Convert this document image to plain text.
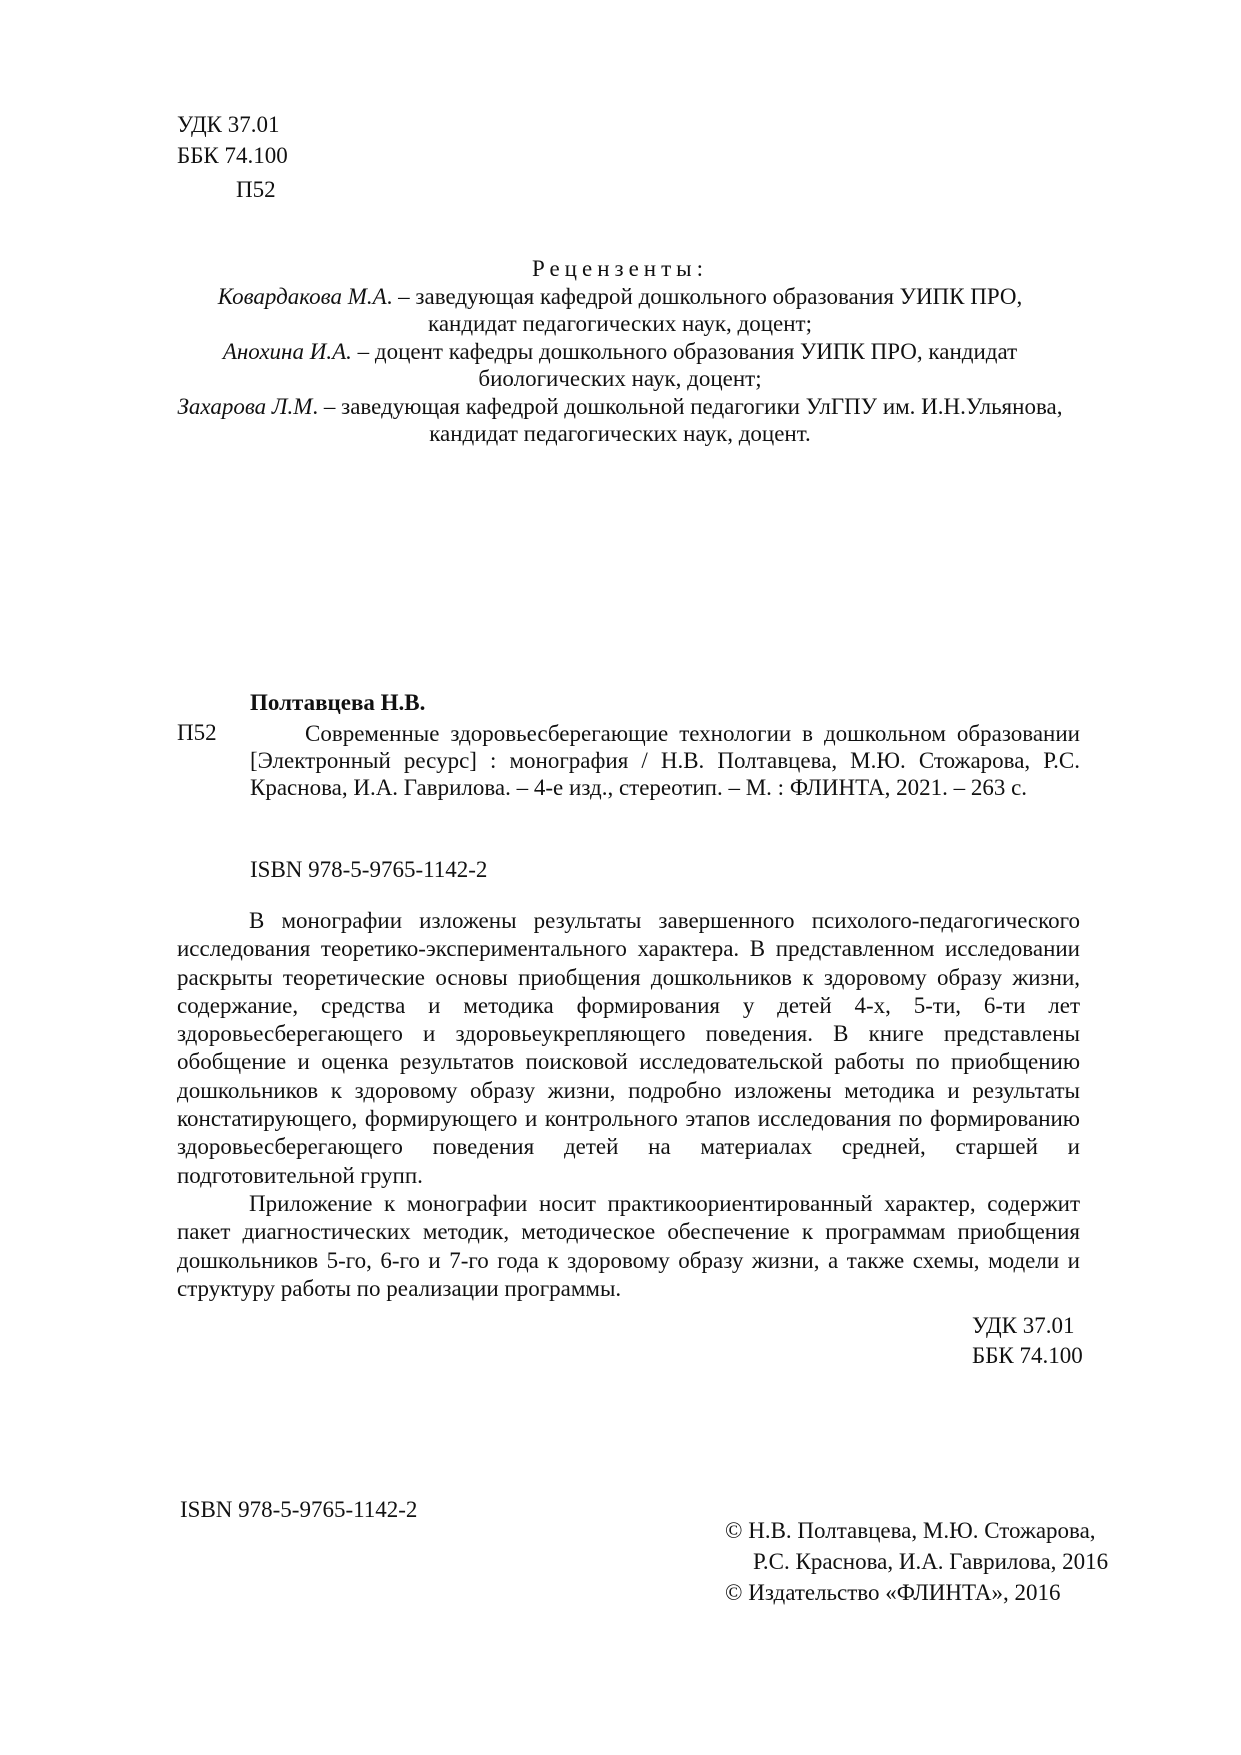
УДК 37.01
ББК 74.100
П52
Рецензенты:
Ковардакова М.А. – заведующая кафедрой дошкольного образования УИПК ПРО,
кандидат педагогических наук, доцент;
Анохина И.А. – доцент кафедры дошкольного образования УИПК ПРО, кандидат
биологических наук, доцент;
Захарова Л.М. – заведующая кафедрой дошкольной педагогики УлГПУ им. И.Н.Ульянова,
кандидат педагогических наук, доцент.
Полтавцева Н.В.
П52	Современные здоровьесберегающие технологии в дошкольном образовании [Электронный ресурс] : монография / Н.В. Полтавцева, М.Ю. Стожарова, Р.С. Краснова, И.А. Гаврилова. – 4-е изд., стереотип. – М. : ФЛИНТА, 2021. – 263 с.
ISBN 978-5-9765-1142-2

В монографии изложены результаты завершенного психолого-педагогического исследования теоретико-экспериментального характера. В представленном исследовании раскрыты теоретические основы приобщения дошкольников к здоровому образу жизни, содержание, средства и методика формирования у детей 4-х, 5-ти, 6-ти лет здоровьесберегающего и здоровьеукрепляющего поведения. В книге представлены обобщение и оценка результатов поисковой исследовательской работы по приобщению дошкольников к здоровому образу жизни, подробно изложены методика и результаты констатирующего, формирующего и контрольного этапов исследования по формированию здоровьесберегающего поведения детей на материалах средней, старшей и подготовительной групп.

Приложение к монографии носит практикоориентированный характер, содержит пакет диагностических методик, методическое обеспечение к программам приобщения дошкольников 5-го, 6-го и 7-го года к здоровому образу жизни, а также схемы, модели и структуру работы по реализации программы.

УДК 37.01
ББК 74.100
ISBN 978-5-9765-1142-2
© Н.В. Полтавцева, М.Ю. Стожарова,
Р.С. Краснова, И.А. Гаврилова, 2016
© Издательство «ФЛИНТА», 2016
